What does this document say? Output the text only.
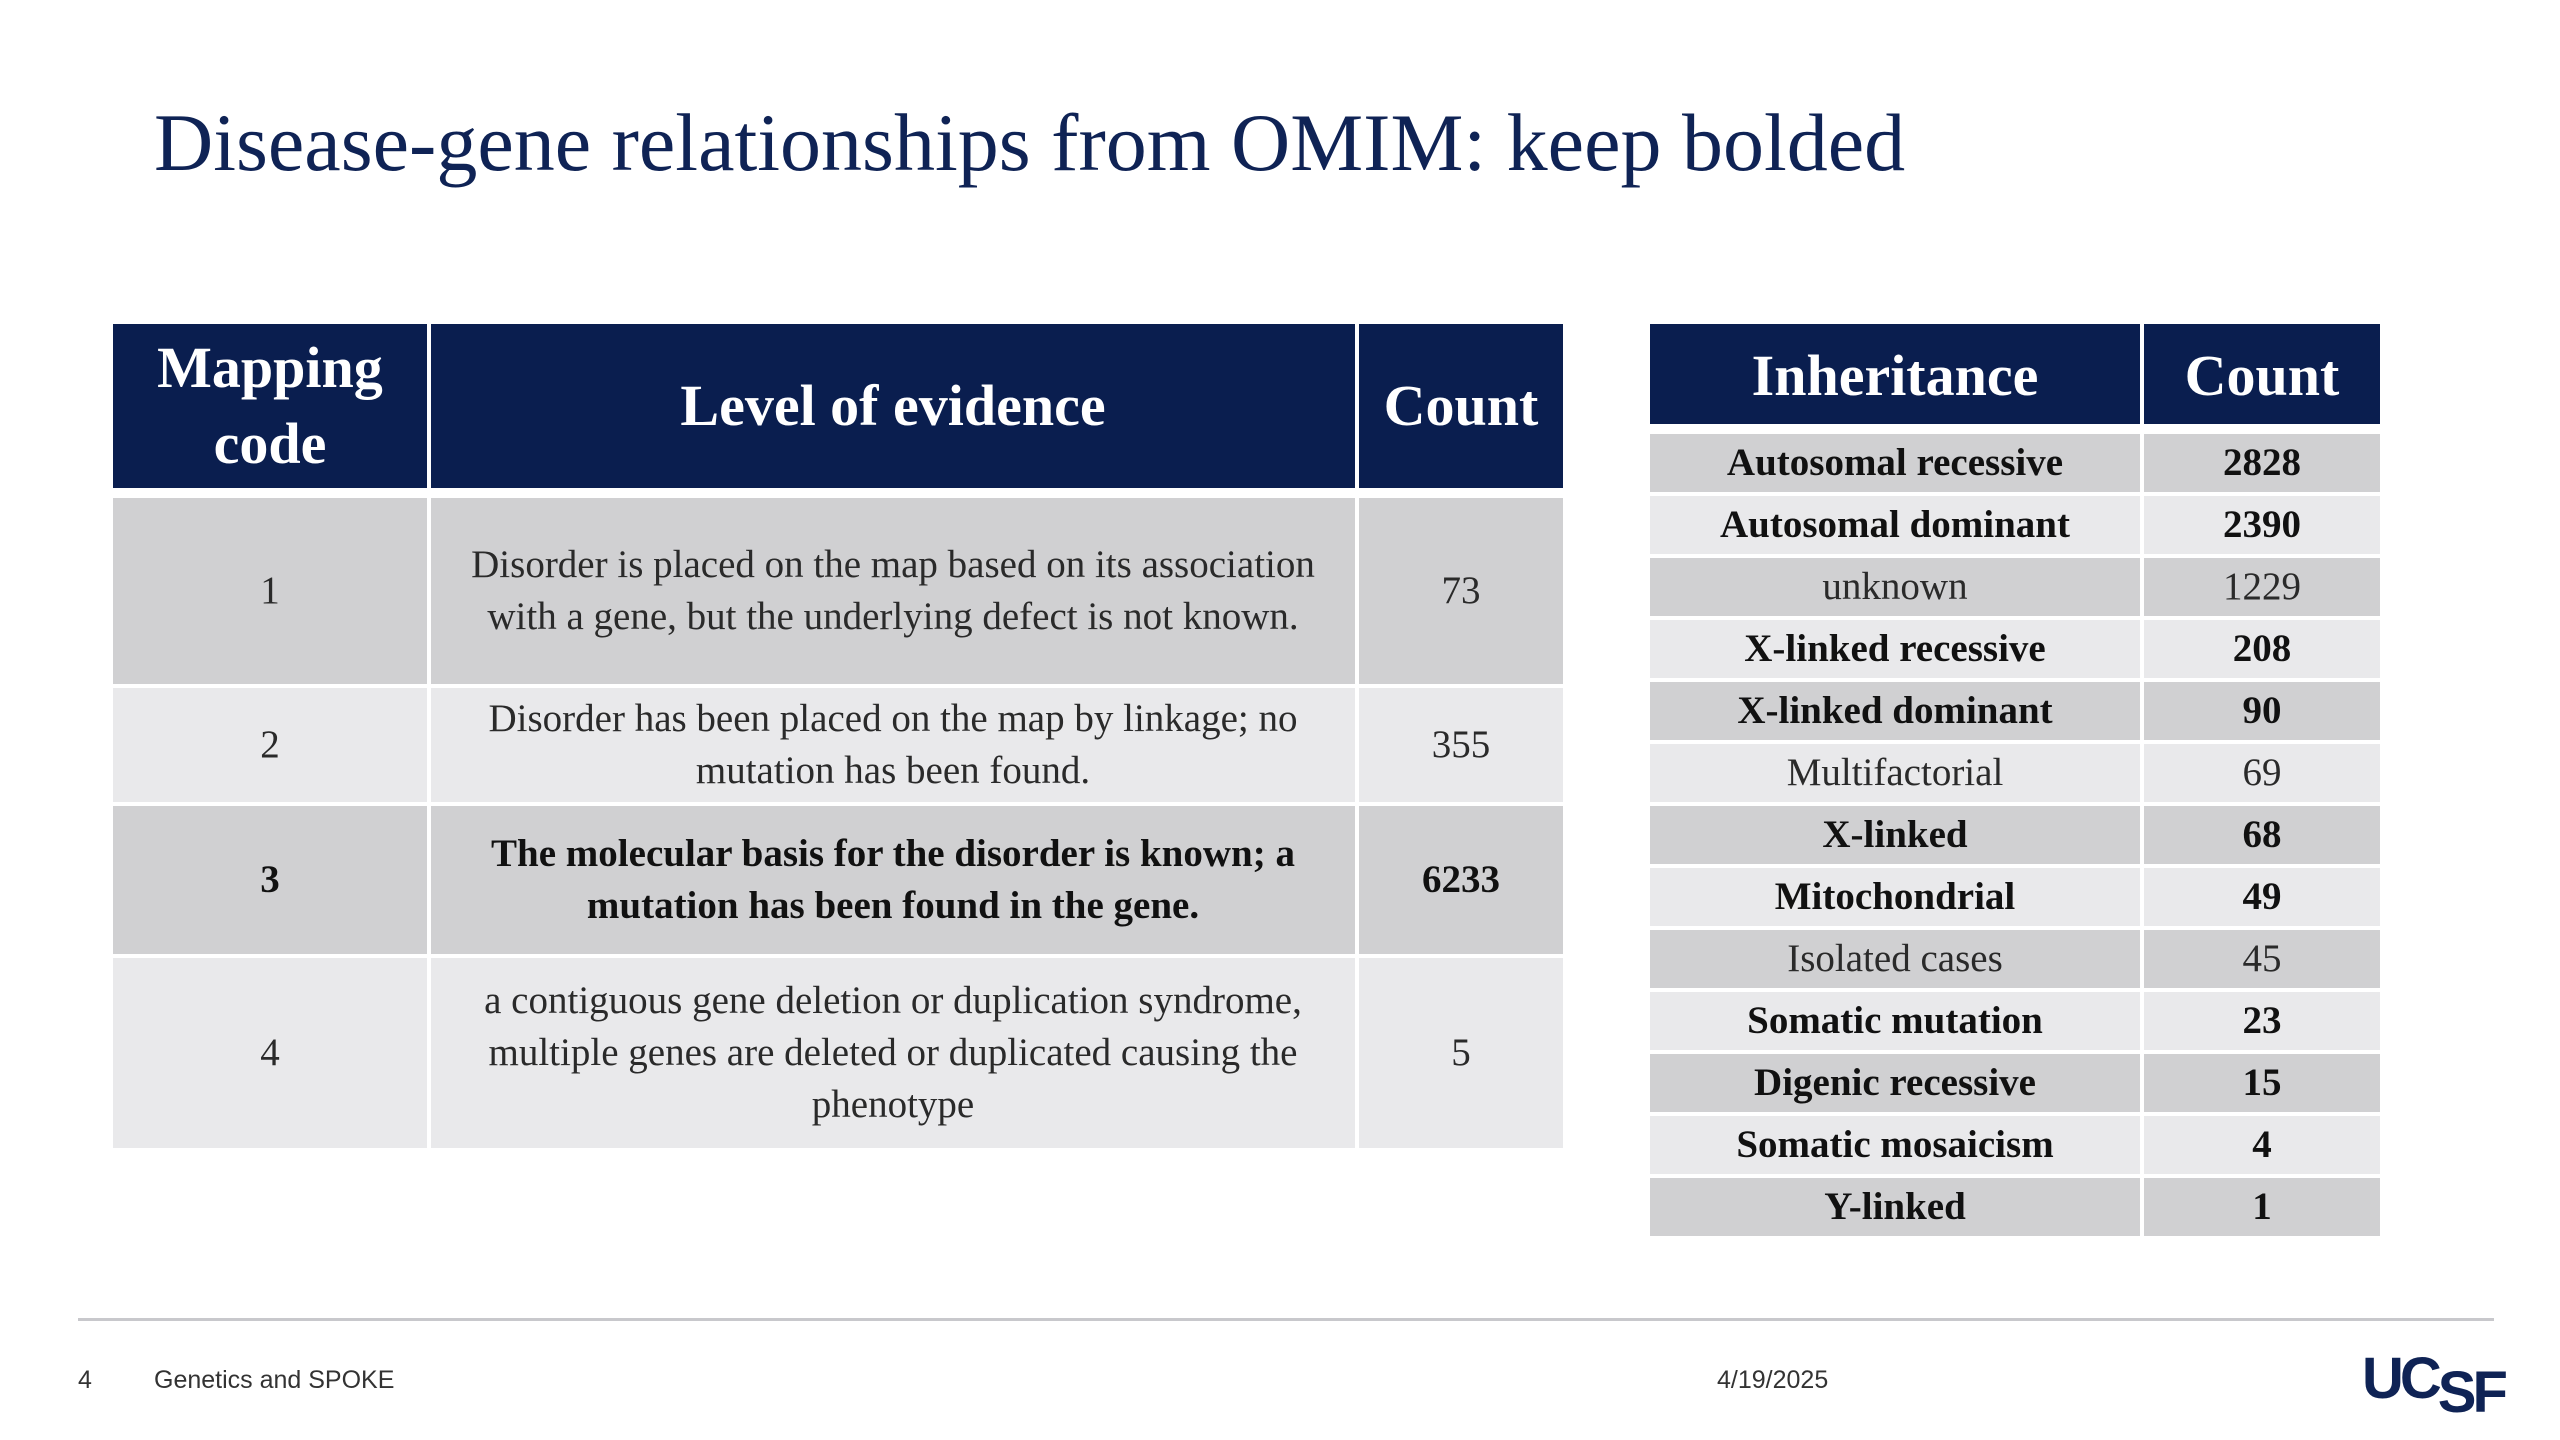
Disease-gene relationships from OMIM: keep bolded
Mapping code	Level of evidence	Count
1	Disorder is placed on the map based on its association with a gene, but the underlying defect is not known.	73
2	Disorder has been placed on the map by linkage; no mutation has been found.	355
3	The molecular basis for the disorder is known; a mutation has been found in the gene.	6233
4	a contiguous gene deletion or duplication syndrome, multiple genes are deleted or duplicated causing the phenotype	5
Inheritance	Count
Autosomal recessive	2828
Autosomal dominant	2390
unknown	1229
X-linked recessive	208
X-linked dominant	90
Multifactorial	69
X-linked	68
Mitochondrial	49
Isolated cases	45
Somatic mutation	23
Digenic recessive	15
Somatic mosaicism	4
Y-linked	1
4 Genetics and SPOKE	4/19/2025	UCSF
